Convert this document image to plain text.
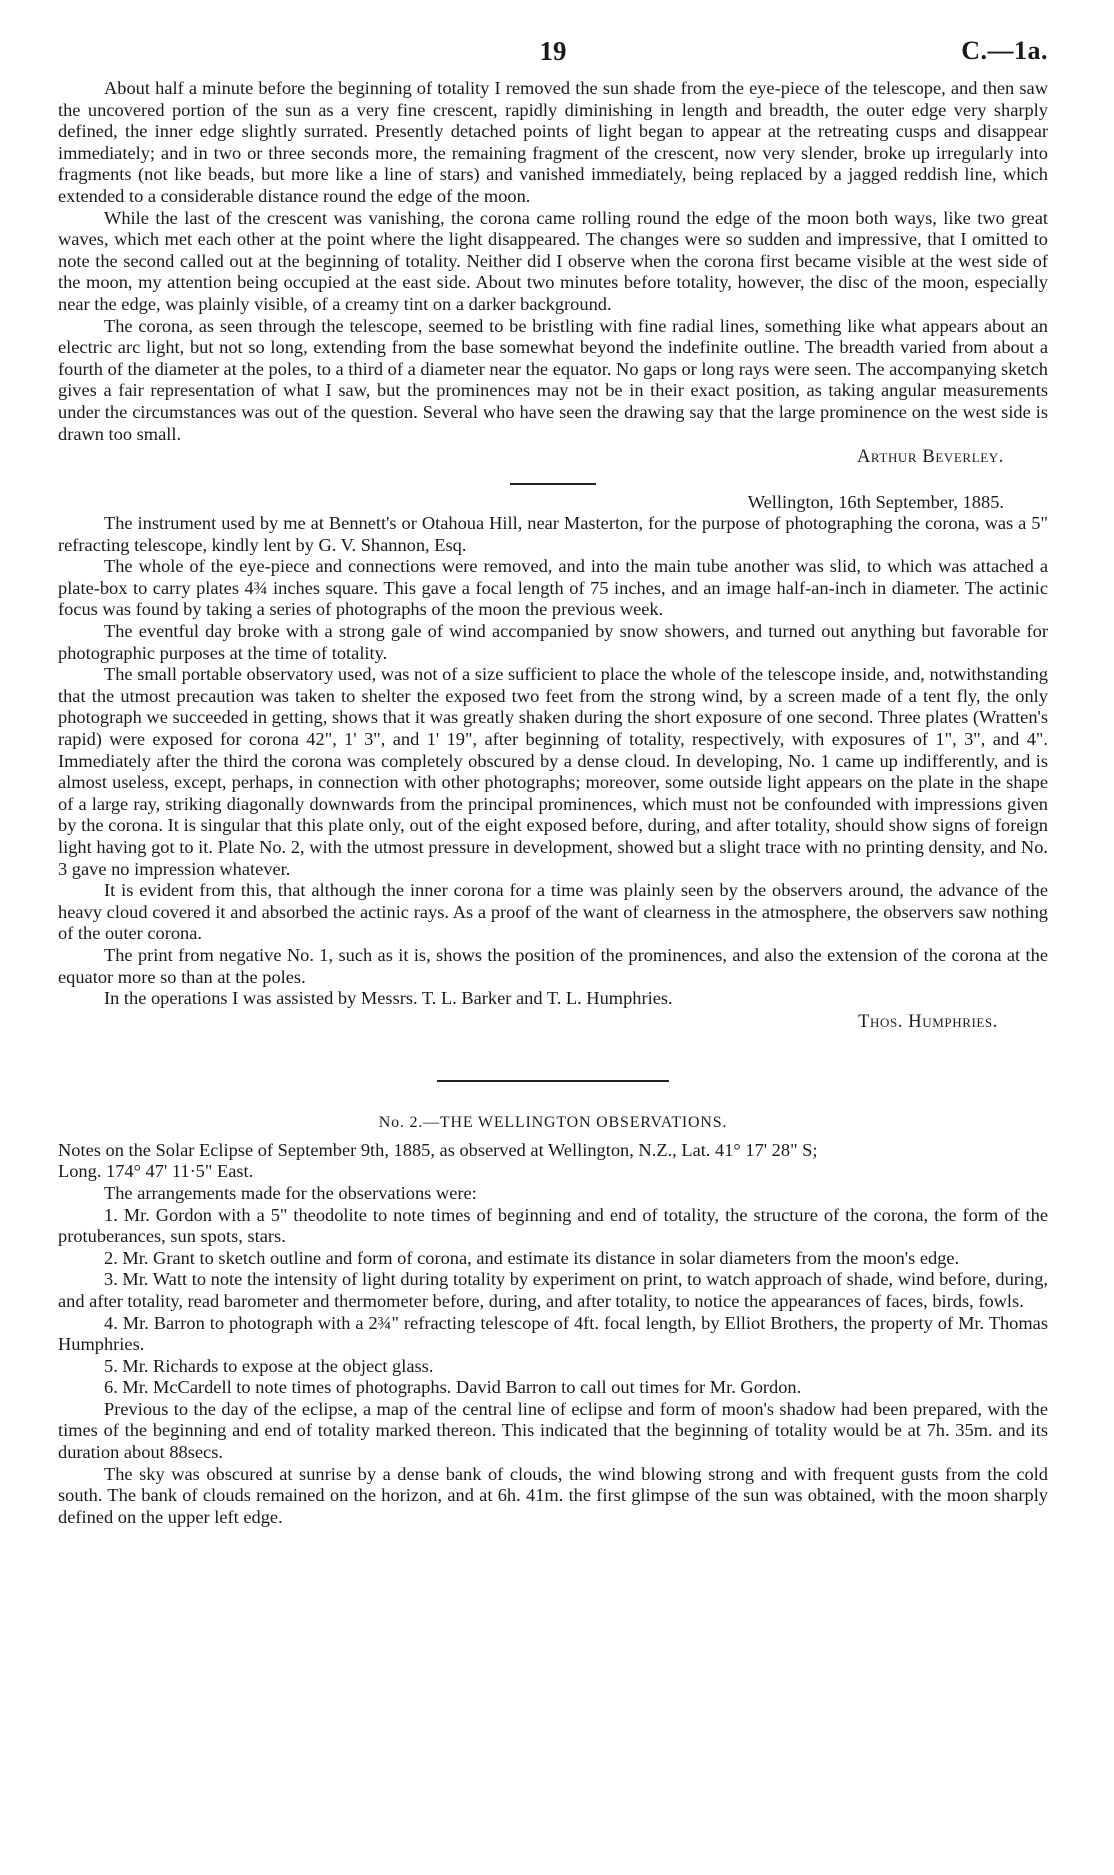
19	C.—1a.

About half a minute before the beginning of totality I removed the sun shade from the eye-piece of the telescope, and then saw the uncovered portion of the sun as a very fine crescent, rapidly diminishing in length and breadth, the outer edge very sharply defined, the inner edge slightly surrated. Presently detached points of light began to appear at the retreating cusps and disappear immediately; and in two or three seconds more, the remaining fragment of the crescent, now very slender, broke up irregularly into fragments (not like beads, but more like a line of stars) and vanished immediately, being replaced by a jagged reddish line, which extended to a considerable distance round the edge of the moon.

While the last of the crescent was vanishing, the corona came rolling round the edge of the moon both ways, like two great waves, which met each other at the point where the light disappeared. The changes were so sudden and impressive, that I omitted to note the second called out at the beginning of totality. Neither did I observe when the corona first became visible at the west side of the moon, my attention being occupied at the east side. About two minutes before totality, however, the disc of the moon, especially near the edge, was plainly visible, of a creamy tint on a darker background.

The corona, as seen through the telescope, seemed to be bristling with fine radial lines, something like what appears about an electric arc light, but not so long, extending from the base somewhat beyond the indefinite outline. The breadth varied from about a fourth of the diameter at the poles, to a third of a diameter near the equator. No gaps or long rays were seen. The accompanying sketch gives a fair representation of what I saw, but the prominences may not be in their exact position, as taking angular measurements under the circumstances was out of the question. Several who have seen the drawing say that the large prominence on the west side is drawn too small.

Arthur Beverley.
Wellington, 16th September, 1885.

The instrument used by me at Bennett's or Otahoua Hill, near Masterton, for the purpose of photographing the corona, was a 5" refracting telescope, kindly lent by G. V. Shannon, Esq.

The whole of the eye-piece and connections were removed, and into the main tube another was slid, to which was attached a plate-box to carry plates 4¾ inches square. This gave a focal length of 75 inches, and an image half-an-inch in diameter. The actinic focus was found by taking a series of photographs of the moon the previous week.

The eventful day broke with a strong gale of wind accompanied by snow showers, and turned out anything but favorable for photographic purposes at the time of totality.

The small portable observatory used, was not of a size sufficient to place the whole of the telescope inside, and, notwithstanding that the utmost precaution was taken to shelter the exposed two feet from the strong wind, by a screen made of a tent fly, the only photograph we succeeded in getting, shows that it was greatly shaken during the short exposure of one second. Three plates (Wratten's rapid) were exposed for corona 42", 1' 3", and 1' 19", after beginning of totality, respectively, with exposures of 1", 3", and 4". Immediately after the third the corona was completely obscured by a dense cloud. In developing, No. 1 came up indifferently, and is almost useless, except, perhaps, in connection with other photographs; moreover, some outside light appears on the plate in the shape of a large ray, striking diagonally downwards from the principal prominences, which must not be confounded with impressions given by the corona. It is singular that this plate only, out of the eight exposed before, during, and after totality, should show signs of foreign light having got to it. Plate No. 2, with the utmost pressure in development, showed but a slight trace with no printing density, and No. 3 gave no impression whatever.

It is evident from this, that although the inner corona for a time was plainly seen by the observers around, the advance of the heavy cloud covered it and absorbed the actinic rays. As a proof of the want of clearness in the atmosphere, the observers saw nothing of the outer corona.

The print from negative No. 1, such as it is, shows the position of the prominences, and also the extension of the corona at the equator more so than at the poles.

In the operations I was assisted by Messrs. T. L. Barker and T. L. Humphries.

Thos. Humphries.
No. 2.—THE WELLINGTON OBSERVATIONS.

Notes on the Solar Eclipse of September 9th, 1885, as observed at Wellington, N.Z., Lat. 41° 17' 28" S;

Long. 174° 47' 11·5" East.

The arrangements made for the observations were:

1. Mr. Gordon with a 5" theodolite to note times of beginning and end of totality, the structure of the corona, the form of the protuberances, sun spots, stars.

2. Mr. Grant to sketch outline and form of corona, and estimate its distance in solar diameters from the moon's edge.

3. Mr. Watt to note the intensity of light during totality by experiment on print, to watch approach of shade, wind before, during, and after totality, read barometer and thermometer before, during, and after totality, to notice the appearances of faces, birds, fowls.

4. Mr. Barron to photograph with a 2¾" refracting telescope of 4ft. focal length, by Elliot Brothers, the property of Mr. Thomas Humphries.

5. Mr. Richards to expose at the object glass.

6. Mr. McCardell to note times of photographs. David Barron to call out times for Mr. Gordon.

Previous to the day of the eclipse, a map of the central line of eclipse and form of moon's shadow had been prepared, with the times of the beginning and end of totality marked thereon. This indicated that the beginning of totality would be at 7h. 35m. and its duration about 88secs.

The sky was obscured at sunrise by a dense bank of clouds, the wind blowing strong and with frequent gusts from the cold south. The bank of clouds remained on the horizon, and at 6h. 41m. the first glimpse of the sun was obtained, with the moon sharply defined on the upper left edge.
